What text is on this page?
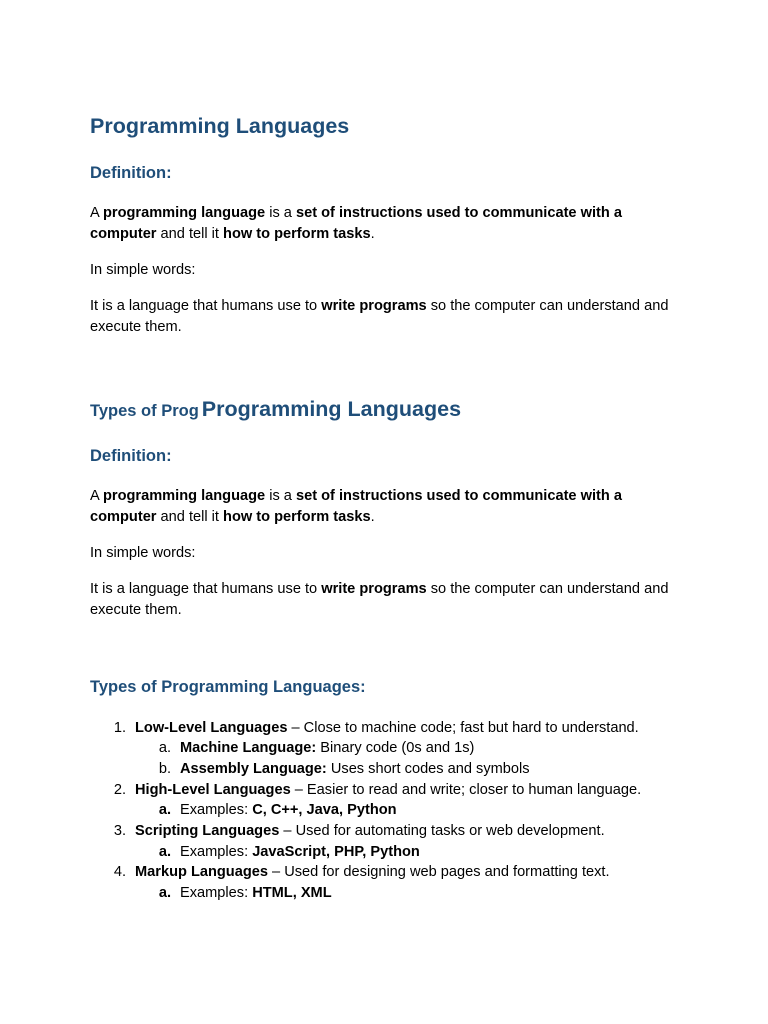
Programming Languages
Definition:
A programming language is a set of instructions used to communicate with a computer and tell it how to perform tasks.
In simple words:
It is a language that humans use to write programs so the computer can understand and execute them.
Types of Prog Programming Languages
Definition:
A programming language is a set of instructions used to communicate with a computer and tell it how to perform tasks.
In simple words:
It is a language that humans use to write programs so the computer can understand and execute them.
Types of Programming Languages:
1. Low-Level Languages – Close to machine code; fast but hard to understand.
a. Machine Language: Binary code (0s and 1s)
b. Assembly Language: Uses short codes and symbols
2. High-Level Languages – Easier to read and write; closer to human language.
a. Examples: C, C++, Java, Python
3. Scripting Languages – Used for automating tasks or web development.
a. Examples: JavaScript, PHP, Python
4. Markup Languages – Used for designing web pages and formatting text.
a. Examples: HTML, XML
